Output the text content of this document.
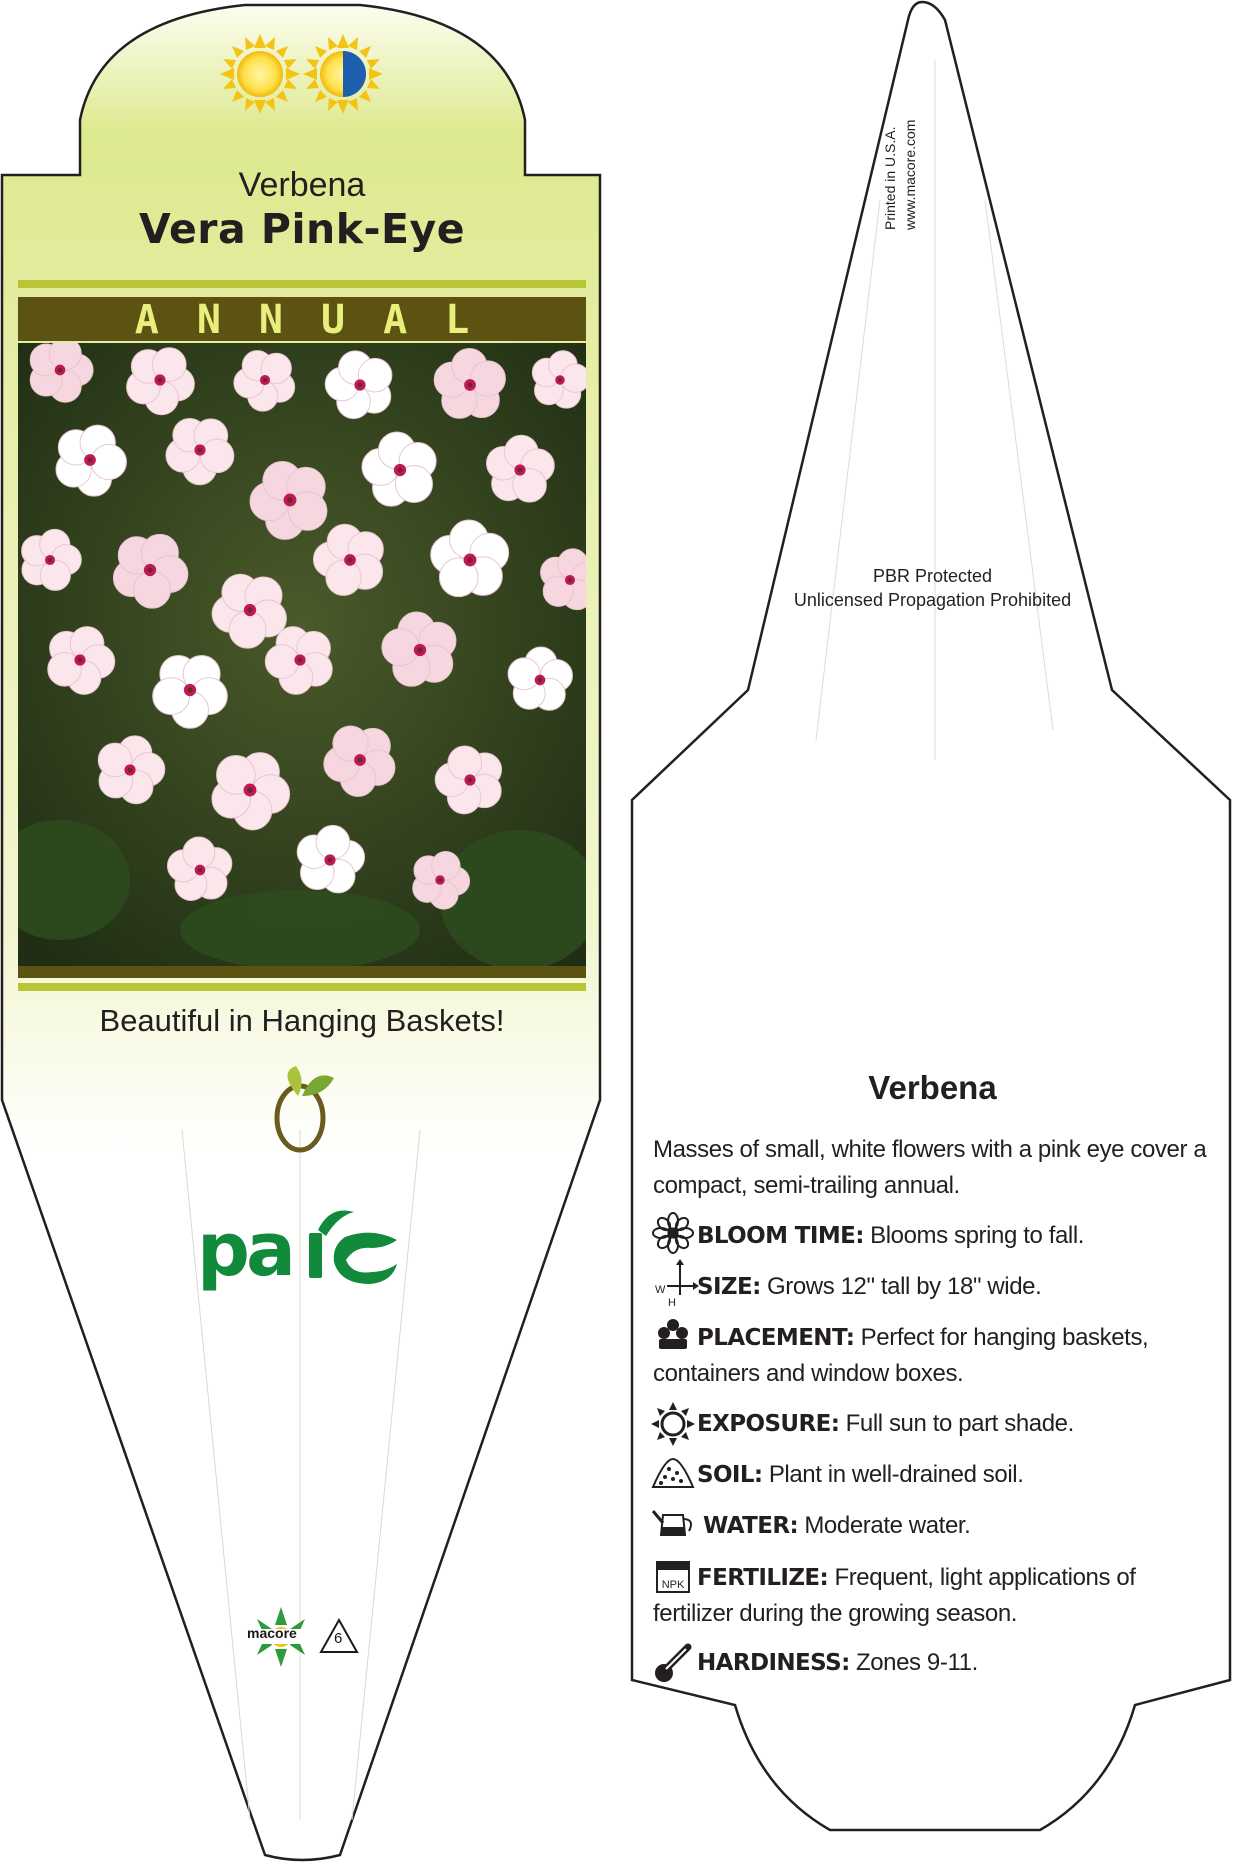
pa
NPK
W
H
Verbena
Vera Pink-Eye
ANNUAL
Beautiful in Hanging Baskets!
macore 6
Printed in U.S.A. www.macore.com
PBR Protected
Unlicensed Propagation Prohibited
Verbena
Masses of small, white flowers with a pink eye cover a compact, semi-trailing annual.
BLOOM TIME: Blooms spring to fall.
SIZE: Grows 12" tall by 18" wide.
PLACEMENT: Perfect for hanging baskets, containers and window boxes.
EXPOSURE: Full sun to part shade.
SOIL: Plant in well-drained soil.
WATER: Moderate water.
FERTILIZE: Frequent, light applications of fertilizer during the growing season.
HARDINESS: Zones 9-11.
